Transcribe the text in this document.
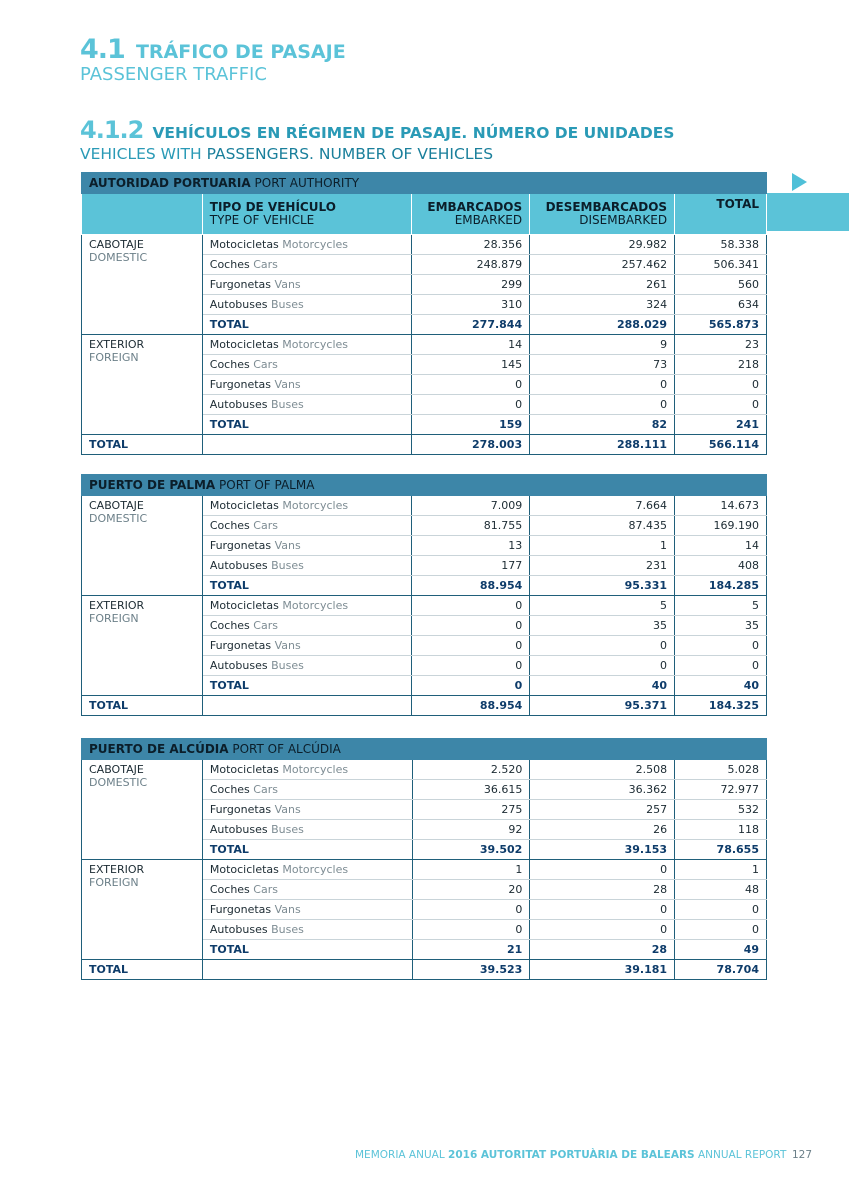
4.1 TRÁFICO DE PASAJE
PASSENGER TRAFFIC
4.1.2 VEHÍCULOS EN RÉGIMEN DE PASAJE. NÚMERO DE UNIDADES
VEHICLES WITH PASSENGERS. NUMBER OF VEHICLES
AUTORIDAD PORTUARIA PORT AUTHORITY				
	TIPO DE VEHÍCULO
TYPE OF VEHICLE	EMBARCADOS
EMBARKED	DESEMBARCADOS
DISEMBARKED	TOTAL
CABOTAJE
DOMESTIC	Motocicletas Motorcycles	28.356	29.982	58.338
	Coches Cars	248.879	257.462	506.341
	Furgonetas Vans	299	261	560
	Autobuses Buses	310	324	634
	TOTAL	277.844	288.029	565.873
EXTERIOR
FOREIGN	Motocicletas Motorcycles	14	9	23
	Coches Cars	145	73	218
	Furgonetas Vans	0	0	0
	Autobuses Buses	0	0	0
	TOTAL	159	82	241
TOTAL		278.003	288.111	566.114
PUERTO DE PALMA PORT OF PALMA				
CABOTAJE
DOMESTIC	Motocicletas Motorcycles	7.009	7.664	14.673
	Coches Cars	81.755	87.435	169.190
	Furgonetas Vans	13	1	14
	Autobuses Buses	177	231	408
	TOTAL	88.954	95.331	184.285
EXTERIOR
FOREIGN	Motocicletas Motorcycles	0	5	5
	Coches Cars	0	35	35
	Furgonetas Vans	0	0	0
	Autobuses Buses	0	0	0
	TOTAL	0	40	40
TOTAL		88.954	95.371	184.325
PUERTO DE ALCÚDIA PORT OF ALCÚDIA				
CABOTAJE
DOMESTIC	Motocicletas Motorcycles	2.520	2.508	5.028
	Coches Cars	36.615	36.362	72.977
	Furgonetas Vans	275	257	532
	Autobuses Buses	92	26	118
	TOTAL	39.502	39.153	78.655
EXTERIOR
FOREIGN	Motocicletas Motorcycles	1	0	1
	Coches Cars	20	28	48
	Furgonetas Vans	0	0	0
	Autobuses Buses	0	0	0
	TOTAL	21	28	49
TOTAL		39.523	39.181	78.704
MEMORIA ANUAL 2016 AUTORITAT PORTUÀRIA DE BALEARS ANNUAL REPORT 127
